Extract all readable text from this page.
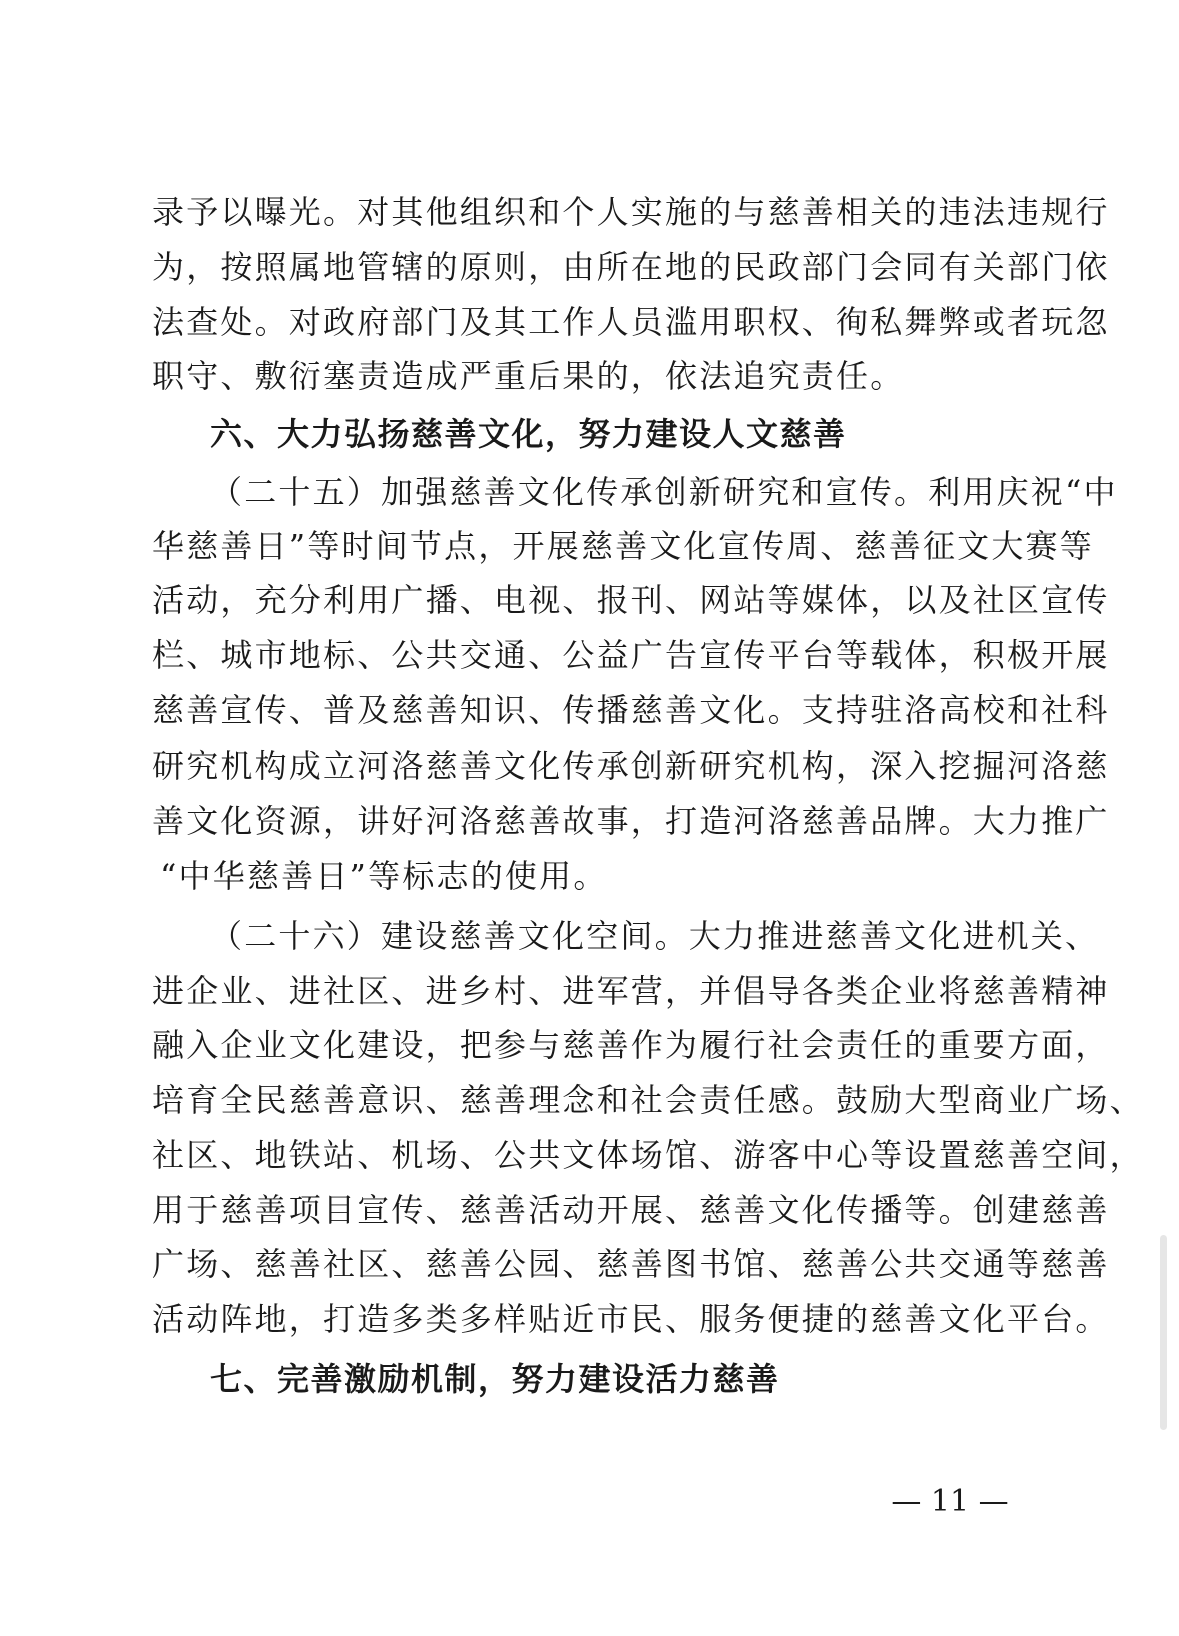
录予以曝光。对其他组织和个人实施的与慈善相关的违法违规行
为，按照属地管辖的原则，由所在地的民政部门会同有关部门依
法查处。对政府部门及其工作人员滥用职权、徇私舞弊或者玩忽
职守、敷衍塞责造成严重后果的，依法追究责任。
六、大力弘扬慈善文化，努力建设人文慈善
（二十五）加强慈善文化传承创新研究和宣传。利用庆祝“中
华慈善日”等时间节点，开展慈善文化宣传周、慈善征文大赛等
活动，充分利用广播、电视、报刊、网站等媒体，以及社区宣传
栏、城市地标、公共交通、公益广告宣传平台等载体，积极开展
慈善宣传、普及慈善知识、传播慈善文化。支持驻洛高校和社科
研究机构成立河洛慈善文化传承创新研究机构，深入挖掘河洛慈
善文化资源，讲好河洛慈善故事，打造河洛慈善品牌。大力推广
“中华慈善日”等标志的使用。
（二十六）建设慈善文化空间。大力推进慈善文化进机关、
进企业、进社区、进乡村、进军营，并倡导各类企业将慈善精神
融入企业文化建设，把参与慈善作为履行社会责任的重要方面，
培育全民慈善意识、慈善理念和社会责任感。鼓励大型商业广场、
社区、地铁站、机场、公共文体场馆、游客中心等设置慈善空间，
用于慈善项目宣传、慈善活动开展、慈善文化传播等。创建慈善
广场、慈善社区、慈善公园、慈善图书馆、慈善公共交通等慈善
活动阵地，打造多类多样贴近市民、服务便捷的慈善文化平台。
七、完善激励机制，努力建设活力慈善
— 11 —
